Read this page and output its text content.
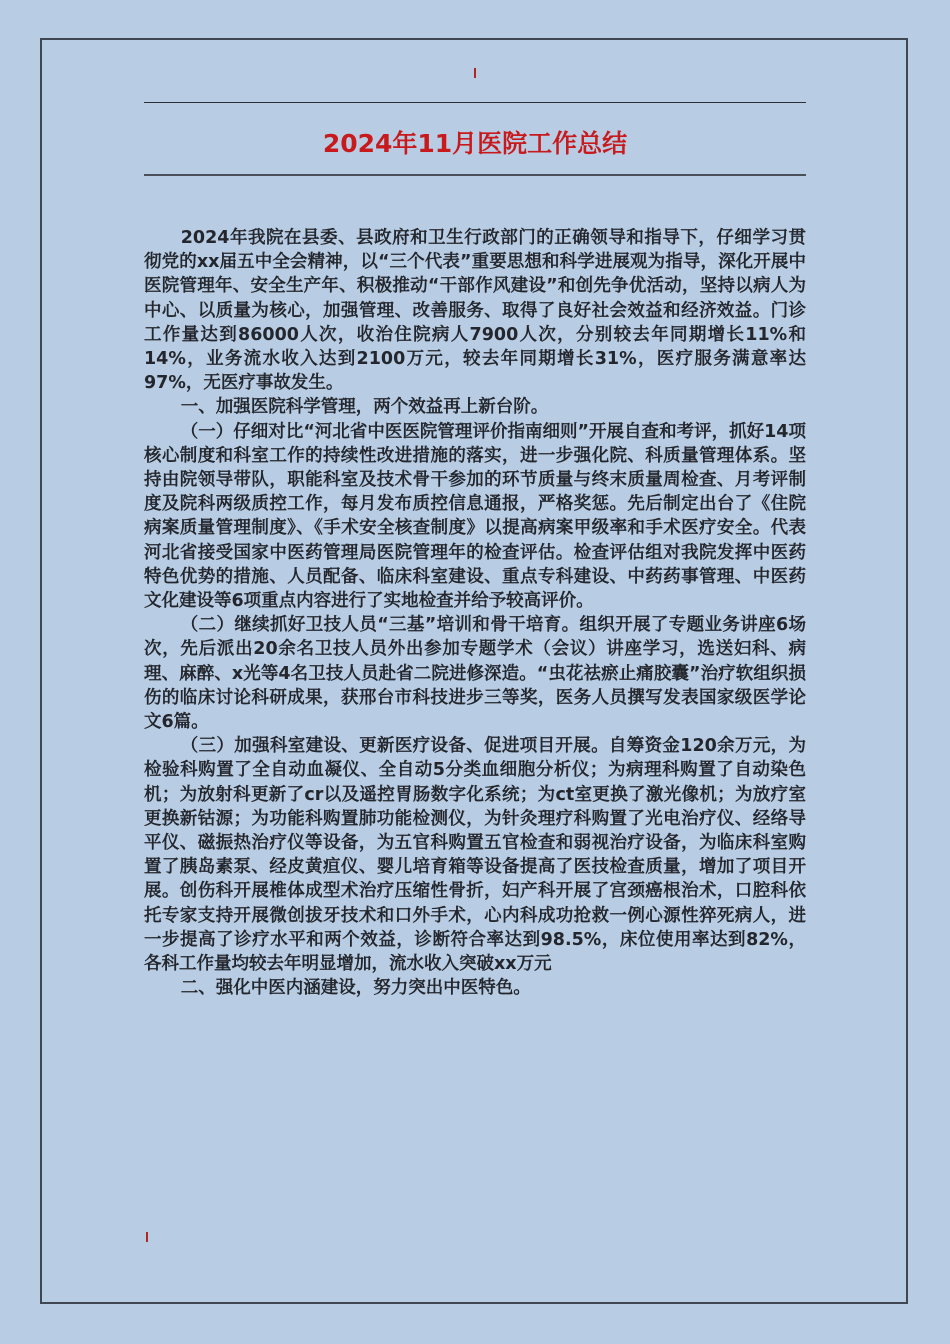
2024年11月医院工作总结

2024年我院在县委、县政府和卫生行政部门的正确领导和指导下，仔细学习贯彻党的xx届五中全会精神，以“三个代表”重要思想和科学进展观为指导，深化开展中医院管理年、安全生产年、积极推动“干部作风建设”和创先争优活动，坚持以病人为中心、以质量为核心，加强管理、改善服务、取得了良好社会效益和经济效益。门诊工作量达到86000人次，收治住院病人7900人次，分别较去年同期增长11%和14%，业务流水收入达到2100万元，较去年同期增长31%，医疗服务满意率达97%，无医疗事故发生。

一、加强医院科学管理，两个效益再上新台阶。

（一）仔细对比“河北省中医医院管理评价指南细则”开展自查和考评，抓好14项核心制度和科室工作的持续性改进措施的落实，进一步强化院、科质量管理体系。坚持由院领导带队，职能科室及技术骨干参加的环节质量与终末质量周检查、月考评制度及院科两级质控工作，每月发布质控信息通报，严格奖惩。先后制定出台了《住院病案质量管理制度》、《手术安全核查制度》以提高病案甲级率和手术医疗安全。代表河北省接受国家中医药管理局医院管理年的检查评估。检查评估组对我院发挥中医药特色优势的措施、人员配备、临床科室建设、重点专科建设、中药药事管理、中医药文化建设等6项重点内容进行了实地检查并给予较高评价。

（二）继续抓好卫技人员“三基”培训和骨干培育。组织开展了专题业务讲座6场次，先后派出20余名卫技人员外出参加专题学术（会议）讲座学习，选送妇科、病理、麻醉、x光等4名卫技人员赴省二院进修深造。“虫花祛瘀止痛胶囊”治疗软组织损伤的临床讨论科研成果，获邢台市科技进步三等奖，医务人员撰写发表国家级医学论文6篇。

（三）加强科室建设、更新医疗设备、促进项目开展。自筹资金120余万元，为检验科购置了全自动血凝仪、全自动5分类血细胞分析仪；为病理科购置了自动染色机；为放射科更新了cr以及遥控胃肠数字化系统；为ct室更换了激光像机；为放疗室更换新钴源；为功能科购置肺功能检测仪，为针灸理疗科购置了光电治疗仪、经络导平仪、磁振热治疗仪等设备，为五官科购置五官检查和弱视治疗设备，为临床科室购置了胰岛素泵、经皮黄疸仪、婴儿培育箱等设备提高了医技检查质量，增加了项目开展。创伤科开展椎体成型术治疗压缩性骨折，妇产科开展了宫颈癌根治术，口腔科依托专家支持开展微创拔牙技术和口外手术，心内科成功抢救一例心源性猝死病人，进一步提高了诊疗水平和两个效益，诊断符合率达到98.5%，床位使用率达到82%，各科工作量均较去年明显增加，流水收入突破xx万元

二、强化中医内涵建设，努力突出中医特色。
